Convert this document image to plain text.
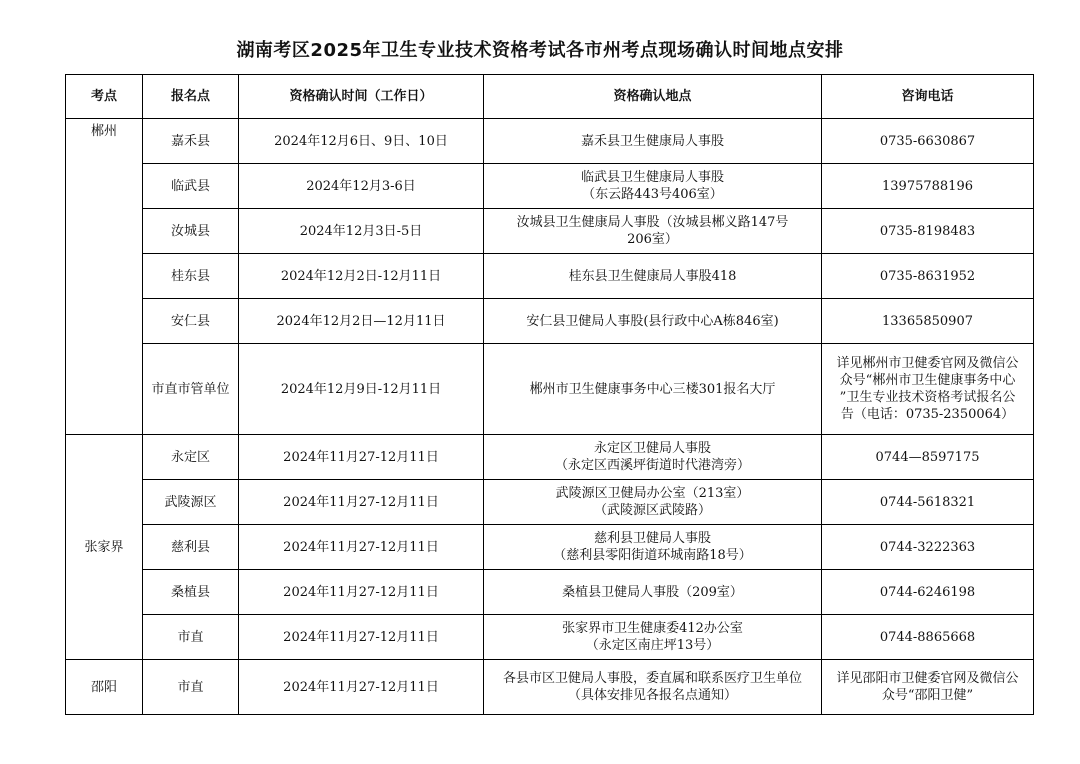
湖南考区2025年卫生专业技术资格考试各市州考点现场确认时间地点安排
考点	报名点	资格确认时间（工作日）	资格确认地点	咨询电话
郴州	嘉禾县	2024年12月6日、9日、10日	嘉禾县卫生健康局人事股	0735-6630867
	临武县	2024年12月3-6日	临武县卫生健康局人事股
（东云路443号406室）	13975788196
	汝城县	2024年12月3日-5日	汝城县卫生健康局人事股（汝城县郴义路147号
206室）	0735-8198483
	桂东县	2024年12月2日-12月11日	桂东县卫生健康局人事股418	0735-8631952
	安仁县	2024年12月2日—12月11日	安仁县卫健局人事股(县行政中心A栋846室)	13365850907
	市直市管单位	2024年12月9日-12月11日	郴州市卫生健康事务中心三楼301报名大厅	详见郴州市卫健委官网及微信公
众号“郴州市卫生健康事务中心
”卫生专业技术资格考试报名公
告（电话：0735-2350064）

张家界	永定区	2024年11月27-12月11日	永定区卫健局人事股
（永定区西溪坪街道时代港湾旁）	0744—8597175
	武陵源区	2024年11月27-12月11日	武陵源区卫健局办公室（213室）
（武陵源区武陵路）	0744-5618321
	慈利县	2024年11月27-12月11日	慈利县卫健局人事股
（慈利县零阳街道环城南路18号）	0744-3222363
	桑植县	2024年11月27-12月11日	桑植县卫健局人事股（209室）	0744-6246198
	市直	2024年11月27-12月11日	张家界市卫生健康委412办公室
（永定区南庄坪13号）	0744-8865668
邵阳	市直	2024年11月27-12月11日	各县市区卫健局人事股，委直属和联系医疗卫生单位
（具体安排见各报名点通知）	详见邵阳市卫健委官网及微信公
众号“邵阳卫健”
